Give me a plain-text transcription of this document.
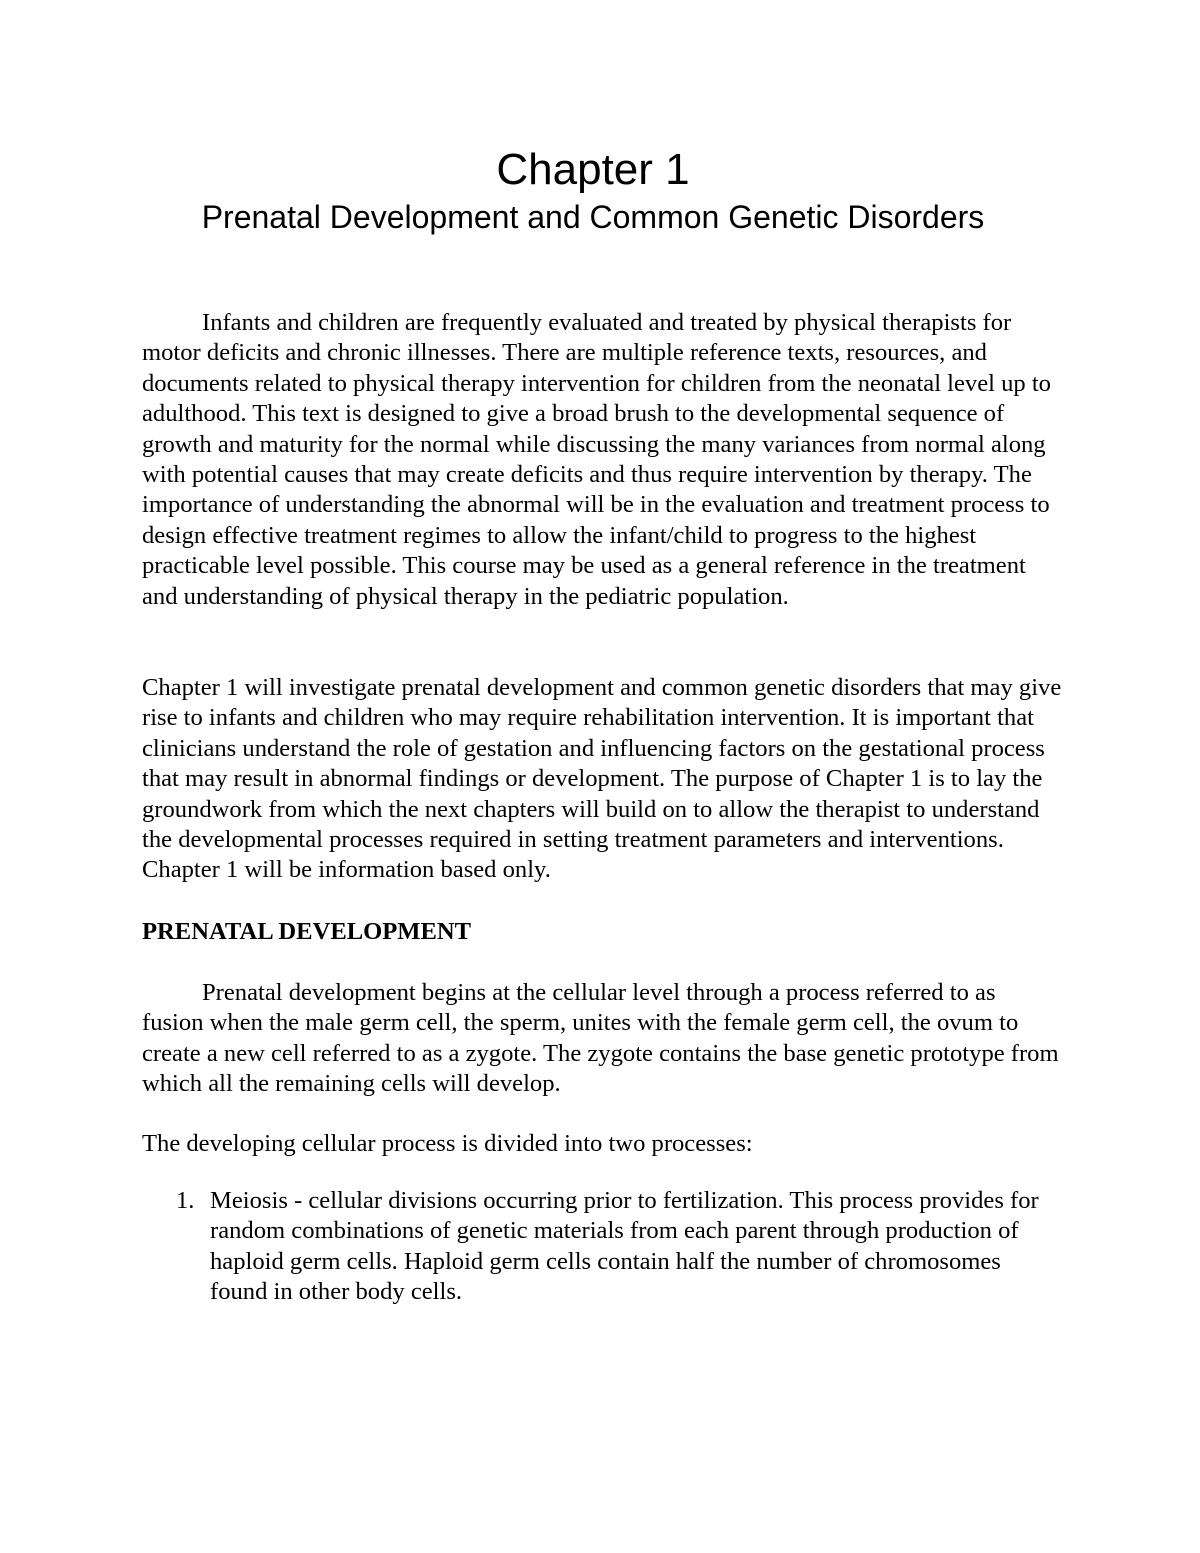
Chapter 1
Prenatal Development and Common Genetic Disorders

Infants and children are frequently evaluated and treated by physical therapists for motor deficits and chronic illnesses. There are multiple reference texts, resources, and documents related to physical therapy intervention for children from the neonatal level up to adulthood. This text is designed to give a broad brush to the developmental sequence of growth and maturity for the normal while discussing the many variances from normal along with potential causes that may create deficits and thus require intervention by therapy. The importance of understanding the abnormal will be in the evaluation and treatment process to design effective treatment regimes to allow the infant/child to progress to the highest practicable level possible. This course may be used as a general reference in the treatment and understanding of physical therapy in the pediatric population.

Chapter 1 will investigate prenatal development and common genetic disorders that may give rise to infants and children who may require rehabilitation intervention. It is important that clinicians understand the role of gestation and influencing factors on the gestational process that may result in abnormal findings or development. The purpose of Chapter 1 is to lay the groundwork from which the next chapters will build on to allow the therapist to understand the developmental processes required in setting treatment parameters and interventions. Chapter 1 will be information based only.

PRENATAL DEVELOPMENT

Prenatal development begins at the cellular level through a process referred to as fusion when the male germ cell, the sperm, unites with the female germ cell, the ovum to create a new cell referred to as a zygote. The zygote contains the base genetic prototype from which all the remaining cells will develop.

The developing cellular process is divided into two processes:

1. Meiosis - cellular divisions occurring prior to fertilization. This process provides for random combinations of genetic materials from each parent through production of haploid germ cells. Haploid germ cells contain half the number of chromosomes found in other body cells.
